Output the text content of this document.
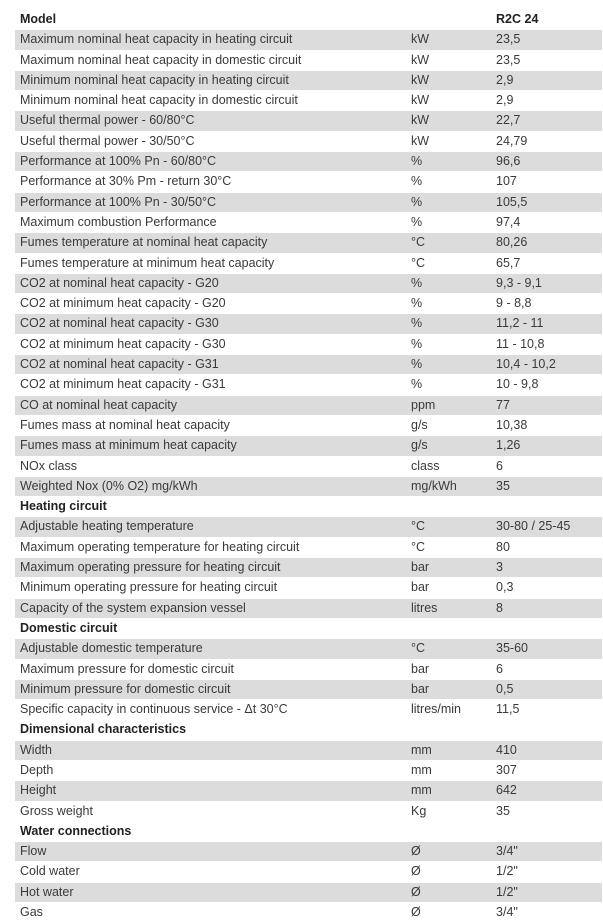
Model		R2C 24
Maximum nominal heat capacity in heating circuit	kW	23,5
Maximum nominal heat capacity in domestic circuit	kW	23,5
Minimum nominal heat capacity in heating circuit	kW	2,9
Minimum nominal heat capacity in domestic circuit	kW	2,9
Useful thermal power - 60/80°C	kW	22,7
Useful thermal power - 30/50°C	kW	24,79
Performance at 100% Pn - 60/80°C	%	96,6
Performance at 30% Pm - return 30°C	%	107
Performance at 100% Pn - 30/50°C	%	105,5
Maximum combustion Performance	%	97,4
Fumes temperature at nominal heat capacity	°C	80,26
Fumes temperature at minimum heat capacity	°C	65,7
CO2 at nominal heat capacity - G20	%	9,3 - 9,1
CO2 at minimum heat capacity - G20	%	9 - 8,8
CO2 at nominal heat capacity - G30	%	11,2 - 11
CO2 at minimum heat capacity - G30	%	11 - 10,8
CO2 at nominal heat capacity - G31	%	10,4 - 10,2
CO2 at minimum heat capacity - G31	%	10 - 9,8
CO at nominal heat capacity	ppm	77
Fumes mass at nominal heat capacity	g/s	10,38
Fumes mass at minimum heat capacity	g/s	1,26
NOx class	class	6
Weighted Nox (0% O2) mg/kWh	mg/kWh	35
Heating circuit		
Adjustable heating temperature	°C	30-80 / 25-45
Maximum operating temperature for heating circuit	°C	80
Maximum operating pressure for heating circuit	bar	3
Minimum operating pressure for heating circuit	bar	0,3
Capacity of the system expansion vessel	litres	8
Domestic circuit		
Adjustable domestic temperature	°C	35-60
Maximum pressure for domestic circuit	bar	6
Minimum pressure for domestic circuit	bar	0,5
Specific capacity in continuous service - Δt 30°C	litres/min	11,5
Dimensional characteristics		
Width	mm	410
Depth	mm	307
Height	mm	642
Gross weight	Kg	35
Water connections		
Flow	Ø	3/4"
Cold water	Ø	1/2"
Hot water	Ø	1/2"
Gas	Ø	3/4"
